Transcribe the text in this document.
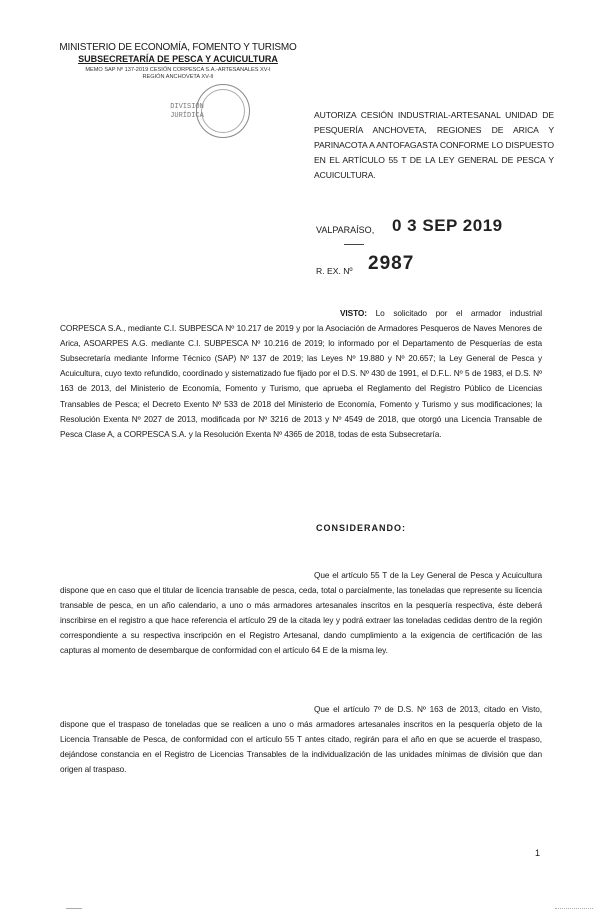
MINISTERIO DE ECONOMÍA, FOMENTO Y TURISMO
SUBSECRETARÍA DE PESCA Y ACUICULTURA
MEMO SAP Nº 137-2019 CESIÓN CORPESCA S.A.-ARTESANALES XV-I
REGIÓN ANCHOVETA XV-II
DIVISIÓN
JURÍDICA	AUTORIZA CESIÓN INDUSTRIAL-ARTESANAL UNIDAD DE PESQUERÍA ANCHOVETA, REGIONES DE ARICA Y PARINACOTA A ANTOFAGASTA CONFORME LO DISPUESTO EN EL ARTÍCULO 55 T DE LA LEY GENERAL DE PESCA Y ACUICULTURA.
VALPARAÍSO, 0 3 SEP 2019
R. EX. Nº 2987
VISTO: Lo solicitado por el armador industrial CORPESCA S.A., mediante C.I. SUBPESCA Nº 10.217 de 2019 y por la Asociación de Armadores Pesqueros de Naves Menores de Arica, ASOARPES A.G. mediante C.I. SUBPESCA Nº 10.216 de 2019; lo informado por el Departamento de Pesquerías de esta Subsecretaría mediante Informe Técnico (SAP) Nº 137 de 2019; las Leyes Nº 19.880 y Nº 20.657; la Ley General de Pesca y Acuicultura, cuyo texto refundido, coordinado y sistematizado fue fijado por el D.S. Nº 430 de 1991, el D.F.L. Nº 5 de 1983, el D.S. Nº 163 de 2013, del Ministerio de Economía, Fomento y Turismo, que aprueba el Reglamento del Registro Público de Licencias Transables de Pesca; el Decreto Exento Nº 533 de 2018 del Ministerio de Economía, Fomento y Turismo y sus modificaciones; la Resolución Exenta Nº 2027 de 2013, modificada por Nº 3216 de 2013 y Nº 4549 de 2018, que otorgó una Licencia Transable de Pesca Clase A, a CORPESCA S.A. y la Resolución Exenta Nº 4365 de 2018, todas de esta Subsecretaría.
CONSIDERANDO:
Que el artículo 55 T de la Ley General de Pesca y Acuicultura dispone que en caso que el titular de licencia transable de pesca, ceda, total o parcialmente, las toneladas que represente su licencia transable de pesca, en un año calendario, a uno o más armadores artesanales inscritos en la pesquería respectiva, éste deberá inscribirse en el registro a que hace referencia el artículo 29 de la citada ley y podrá extraer las toneladas cedidas dentro de la región correspondiente a su respectiva inscripción en el Registro Artesanal, dando cumplimiento a la exigencia de certificación de las capturas al momento de desembarque de conformidad con el artículo 64 E de la misma ley.
Que el artículo 7º de D.S. Nº 163 de 2013, citado en Visto, dispone que el traspaso de toneladas que se realicen a uno o más armadores artesanales inscritos en la pesquería objeto de la Licencia Transable de Pesca, de conformidad con el artículo 55 T antes citado, regirán para el año en que se acuerde el traspaso, dejándose constancia en el Registro de Licencias Transables de la individualización de las unidades mínimas de división que dan origen al traspaso.
1
